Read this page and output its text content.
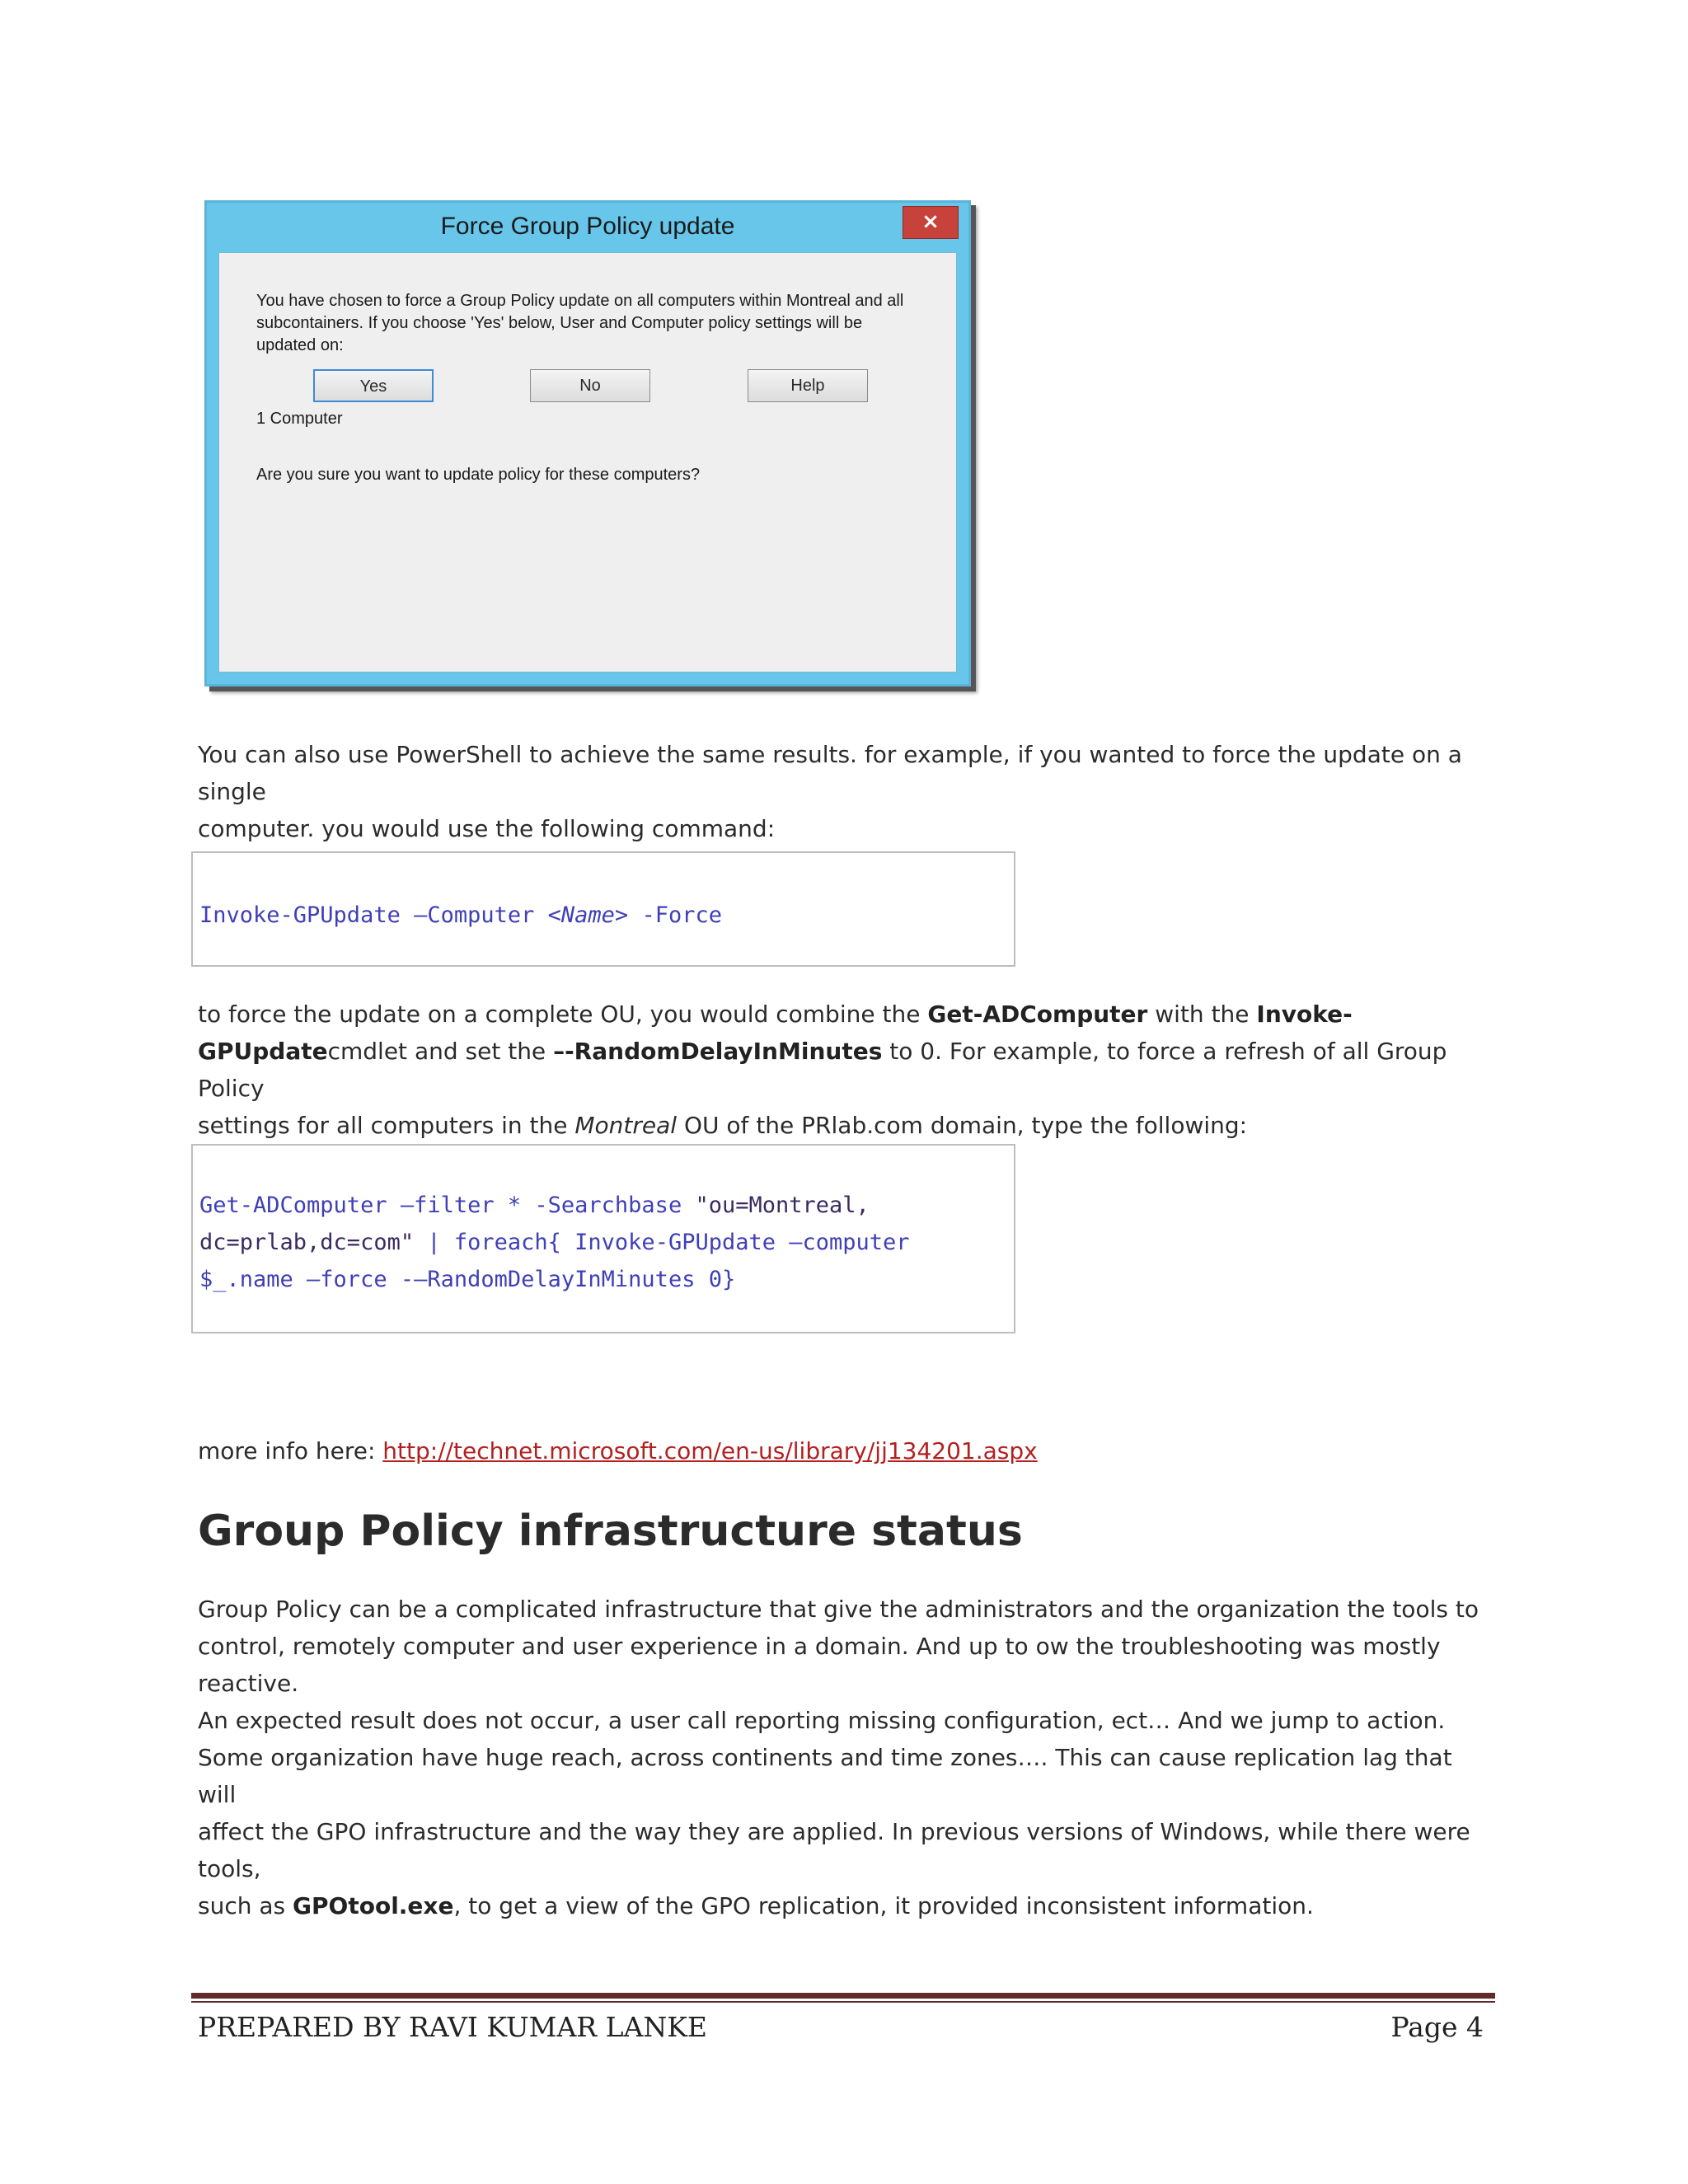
Force Group Policy update	×
You have chosen to force a Group Policy update on all computers within Montreal and all subcontainers. If you choose 'Yes' below, User and Computer policy settings will be updated on:
1 Computer
Are you sure you want to update policy for these computers?
Yes	No	Help
You can also use PowerShell to achieve the same results. for example, if you wanted to force the update on a single
computer. you would use the following command:
Invoke-GPUpdate –Computer <Name> -Force
to force the update on a complete OU, you would combine the Get-ADComputer with the Invoke-
GPUpdatecmdlet and set the –-RandomDelayInMinutes to 0. For example, to force a refresh of all Group Policy
settings for all computers in the Montreal OU of the PRlab.com domain, type the following:
Get-ADComputer –filter * -Searchbase "ou=Montreal,
dc=prlab,dc=com" | foreach{ Invoke-GPUpdate –computer
$_.name –force -–RandomDelayInMinutes 0}
more info here: http://technet.microsoft.com/en-us/library/jj134201.aspx
Group Policy infrastructure status
Group Policy can be a complicated infrastructure that give the administrators and the organization the tools to
control, remotely computer and user experience in a domain. And up to ow the troubleshooting was mostly reactive.
An expected result does not occur, a user call reporting missing configuration, ect… And we jump to action.
Some organization have huge reach, across continents and time zones…. This can cause replication lag that will
affect the GPO infrastructure and the way they are applied. In previous versions of Windows, while there were tools,
such as GPOtool.exe, to get a view of the GPO replication, it provided inconsistent information.
PREPARED BY RAVI KUMAR LANKE	Page 4
